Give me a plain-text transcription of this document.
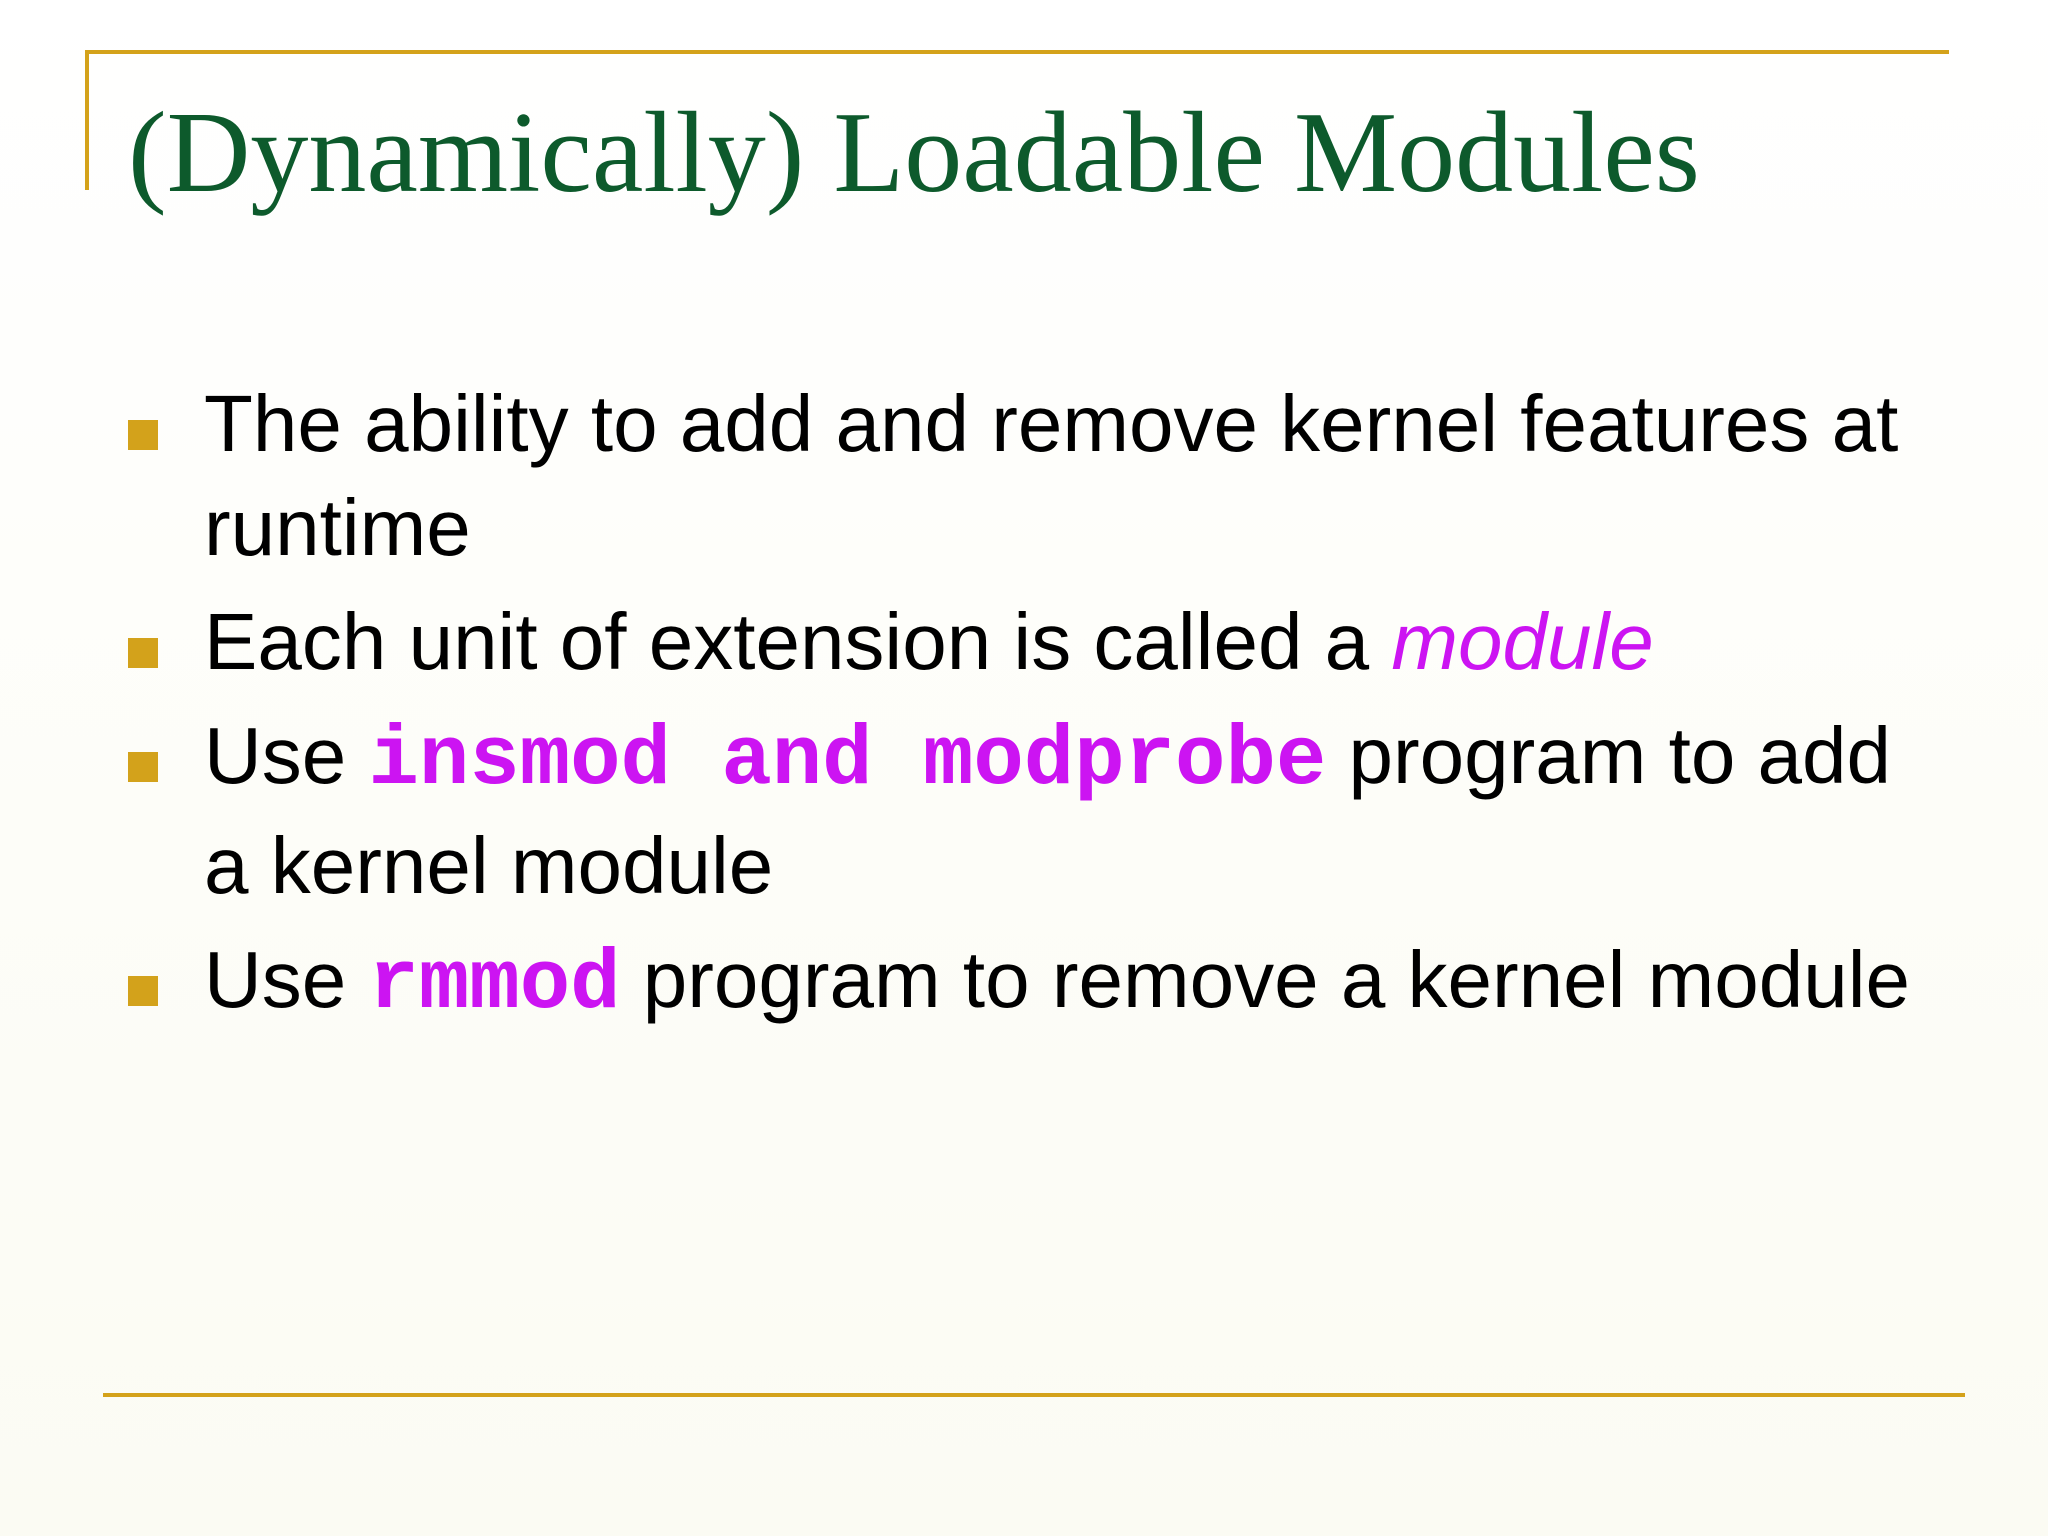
(Dynamically) Loadable Modules
The ability to add and remove kernel features at runtime
Each unit of extension is called a module
Use insmod and modprobe program to add a kernel module
Use rmmod program to remove a kernel module
